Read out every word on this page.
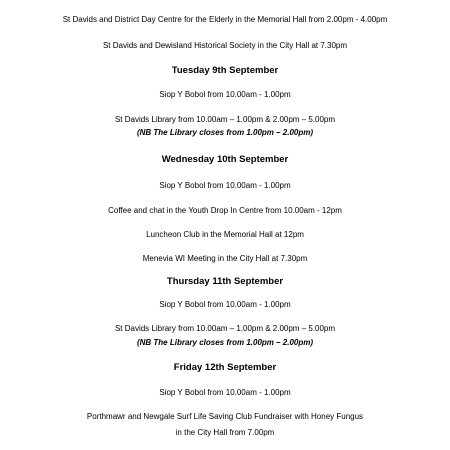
St Davids and District Day Centre for the Elderly in the Memorial Hall from 2.00pm - 4.00pm
St Davids and Dewisland Historical Society in the City Hall at 7.30pm
Tuesday 9th September
Siop Y Bobol from 10.00am - 1.00pm
St Davids Library from 10.00am – 1.00pm & 2.00pm – 5.00pm
(NB The Library closes from 1.00pm – 2.00pm)
Wednesday 10th September
Siop Y Bobol from 10.00am - 1.00pm
Coffee and chat in the Youth Drop In Centre from 10.00am - 12pm
Luncheon Club in the Memorial Hall at 12pm
Menevia WI Meeting in the City Hall at 7.30pm
Thursday 11th September
Siop Y Bobol from 10.00am - 1.00pm
St Davids Library from 10.00am – 1.00pm & 2.00pm – 5.00pm
(NB The Library closes from 1.00pm – 2.00pm)
Friday 12th September
Siop Y Bobol from 10.00am - 1.00pm
Porthmawr and Newgale Surf Life Saving Club Fundraiser with Honey Fungus
in the City Hall from 7.00pm
